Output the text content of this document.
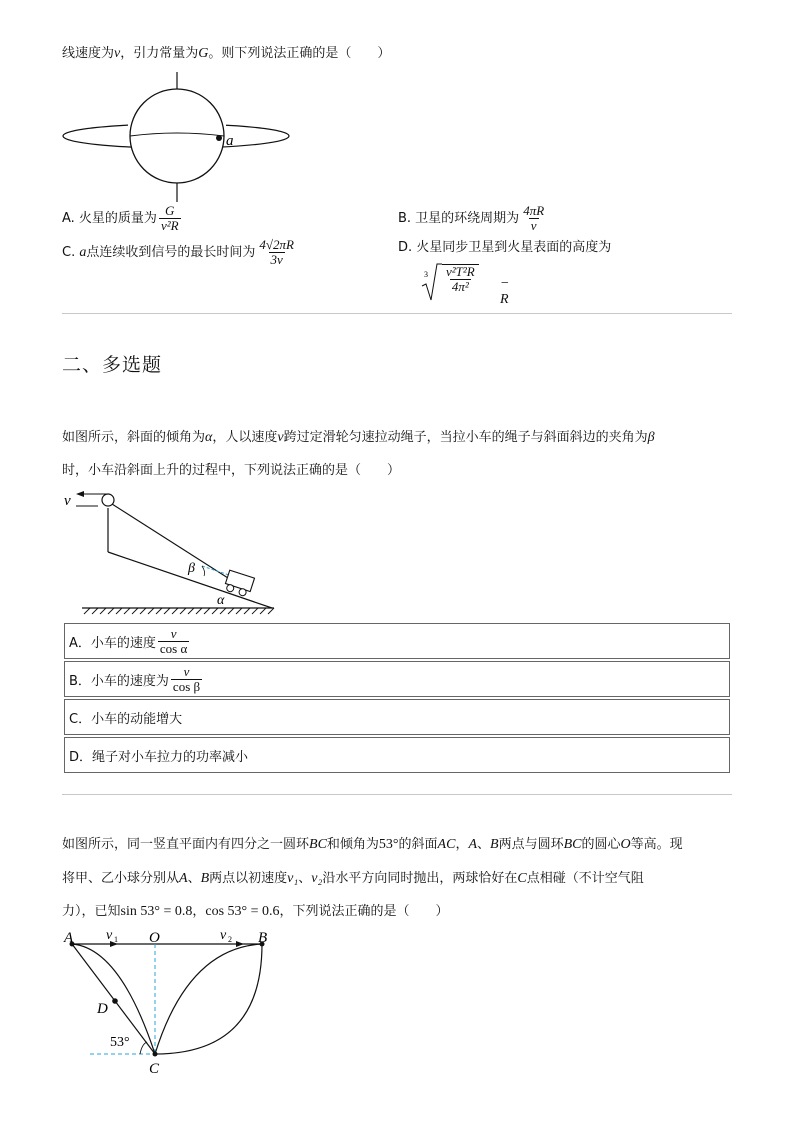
线速度为v，引力常量为G。则下列说法正确的是（　　）
a
A. 火星的质量为 $\frac{G}{\text{v²R}}$	B. 卫星的环绕周期为 $\frac{4\pi R}{v}$
C. a点连续收到信号的最长时间为 $\frac{4√2\pi R}{3v}$	D. 火星同步卫星到火星表面的高度为
$3 \frac{\text{v²T²R}}{\text{4π²}} - R$
二、多选题
如图所示，斜面的倾角为α，人以速度v跨过定滑轮匀速拉动绳子，当拉小车的绳子与斜面斜边的夹角为β
时，小车沿斜面上升的过程中，下列说法正确的是（　　）
v
β
α
A．小车的速度 $\frac{v}{\text{cos α}}$
B．小车的速度为 $\frac{v}{\text{cos β}}$
C．小车的动能增大
D．绳子对小车拉力的功率减小
如图所示，同一竖直平面内有四分之一圆环BC和倾角为53°的斜面AC，A、B两点与圆环BC的圆心O等高。现
将甲、乙小球分别从A、B两点以初速度v₁、v₂沿水平方向同时抛出，两球恰好在C点相碰（不计空气阻
力），已知sin 53° = 0.8，cos 53° = 0.6，下列说法正确的是（　　）
A	B
C
D
O
v 1	v 2
53°
